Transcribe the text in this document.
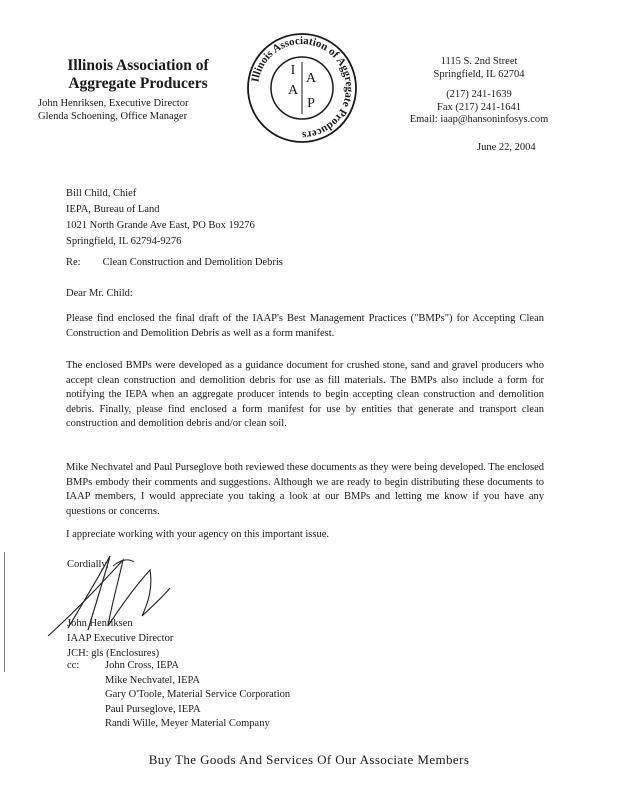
Illinois Association of
Aggregate Producers
John Henriksen, Executive Director
Glenda Schoening, Office Manager
Illinois Association of Aggregate Producers
I
A
A
P
1115 S. 2nd Street
Springfield, IL 62704
(217) 241-1639
Fax (217) 241-1641
Email: iaap@hansoninfosys.com
June 22, 2004
Bill Child, Chief
IEPA, Bureau of Land
1021 North Grande Ave East, PO Box 19276
Springfield, IL 62794-9276
Re: Clean Construction and Demolition Debris
Dear Mr. Child:
Please find enclosed the final draft of the IAAP's Best Management Practices ("BMPs") for Accepting Clean Construction and Demolition Debris as well as a form manifest.
The enclosed BMPs were developed as a guidance document for crushed stone, sand and gravel producers who accept clean construction and demolition debris for use as fill materials. The BMPs also include a form for notifying the IEPA when an aggregate producer intends to begin accepting clean construction and demolition debris. Finally, please find enclosed a form manifest for use by entities that generate and transport clean construction and demolition debris and/or clean soil.
Mike Nechvatel and Paul Purseglove both reviewed these documents as they were being developed. The enclosed BMPs embody their comments and suggestions. Although we are ready to begin distributing these documents to IAAP members, I would appreciate you taking a look at our BMPs and letting me know if you have any questions or concerns.
I appreciate working with your agency on this important issue.
Cordially,
John Henriksen
IAAP Executive Director
JCH: gls (Enclosures)
cc: John Cross, IEPA
Mike Nechvatel, IEPA
Gary O'Toole, Material Service Corporation
Paul Purseglove, IEPA
Randi Wille, Meyer Material Company
Buy The Goods And Services Of Our Associate Members
